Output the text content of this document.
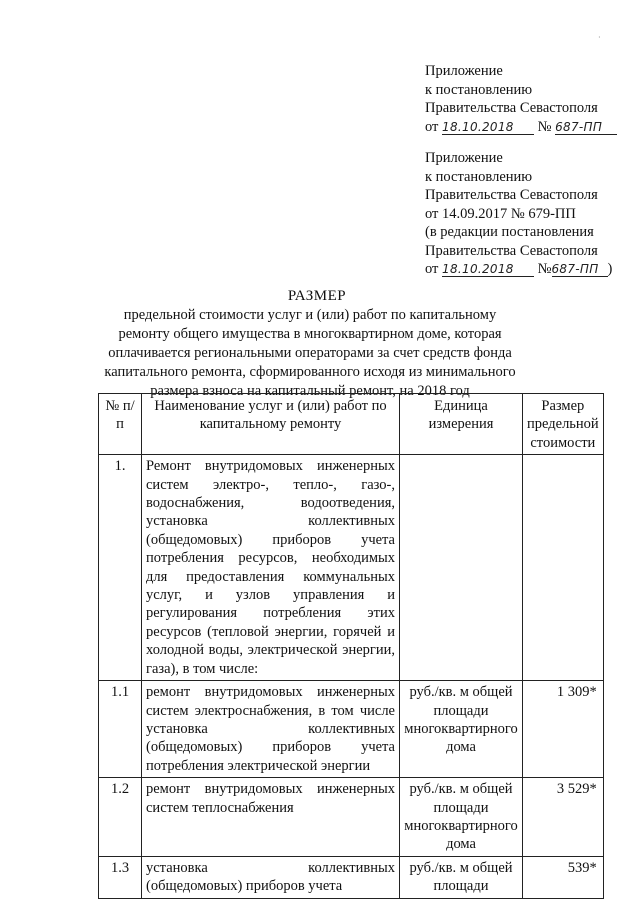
·
Приложение
к постановлению
Правительства Севастополя
от 18.10.2018 № 687-ПП
Приложение
к постановлению
Правительства Севастополя
от 14.09.2017 № 679-ПП
(в редакции постановления
Правительства Севастополя
от 18.10.2018 №687-ПП )
РАЗМЕР
предельной стоимости услуг и (или) работ по капитальному ремонту общего имущества в многоквартирном доме, которая оплачивается региональными операторами за счет средств фонда капитального ремонта, сформированного исходя из минимального размера взноса на капитальный ремонт, на 2018 год
№ п/п	Наименование услуг и (или) работ по капитальному ремонту	Единица измерения	Размер предельной стоимости
1.	Ремонт внутридомовых инженерных систем электро-, тепло-, газо-, водоснабжения, водоотведения, установка коллективных (общедомовых) приборов учета потребления ресурсов, необходимых для предоставления коммунальных услуг, и узлов управления и регулирования потребления этих ресурсов (тепловой энергии, горячей и холодной воды, электрической энергии, газа), в том числе:		
1.1	ремонт внутридомовых инженерных систем электроснабжения, в том числе установка коллективных (общедомовых) приборов учета потребления электрической энергии	руб./кв. м общей площади многоквартирного дома	1 309*
1.2	ремонт внутридомовых инженерных систем теплоснабжения	руб./кв. м общей площади многоквартирного дома	3 529*
1.3	установка коллективных (общедомовых) приборов учета	руб./кв. м общей площади	539*
